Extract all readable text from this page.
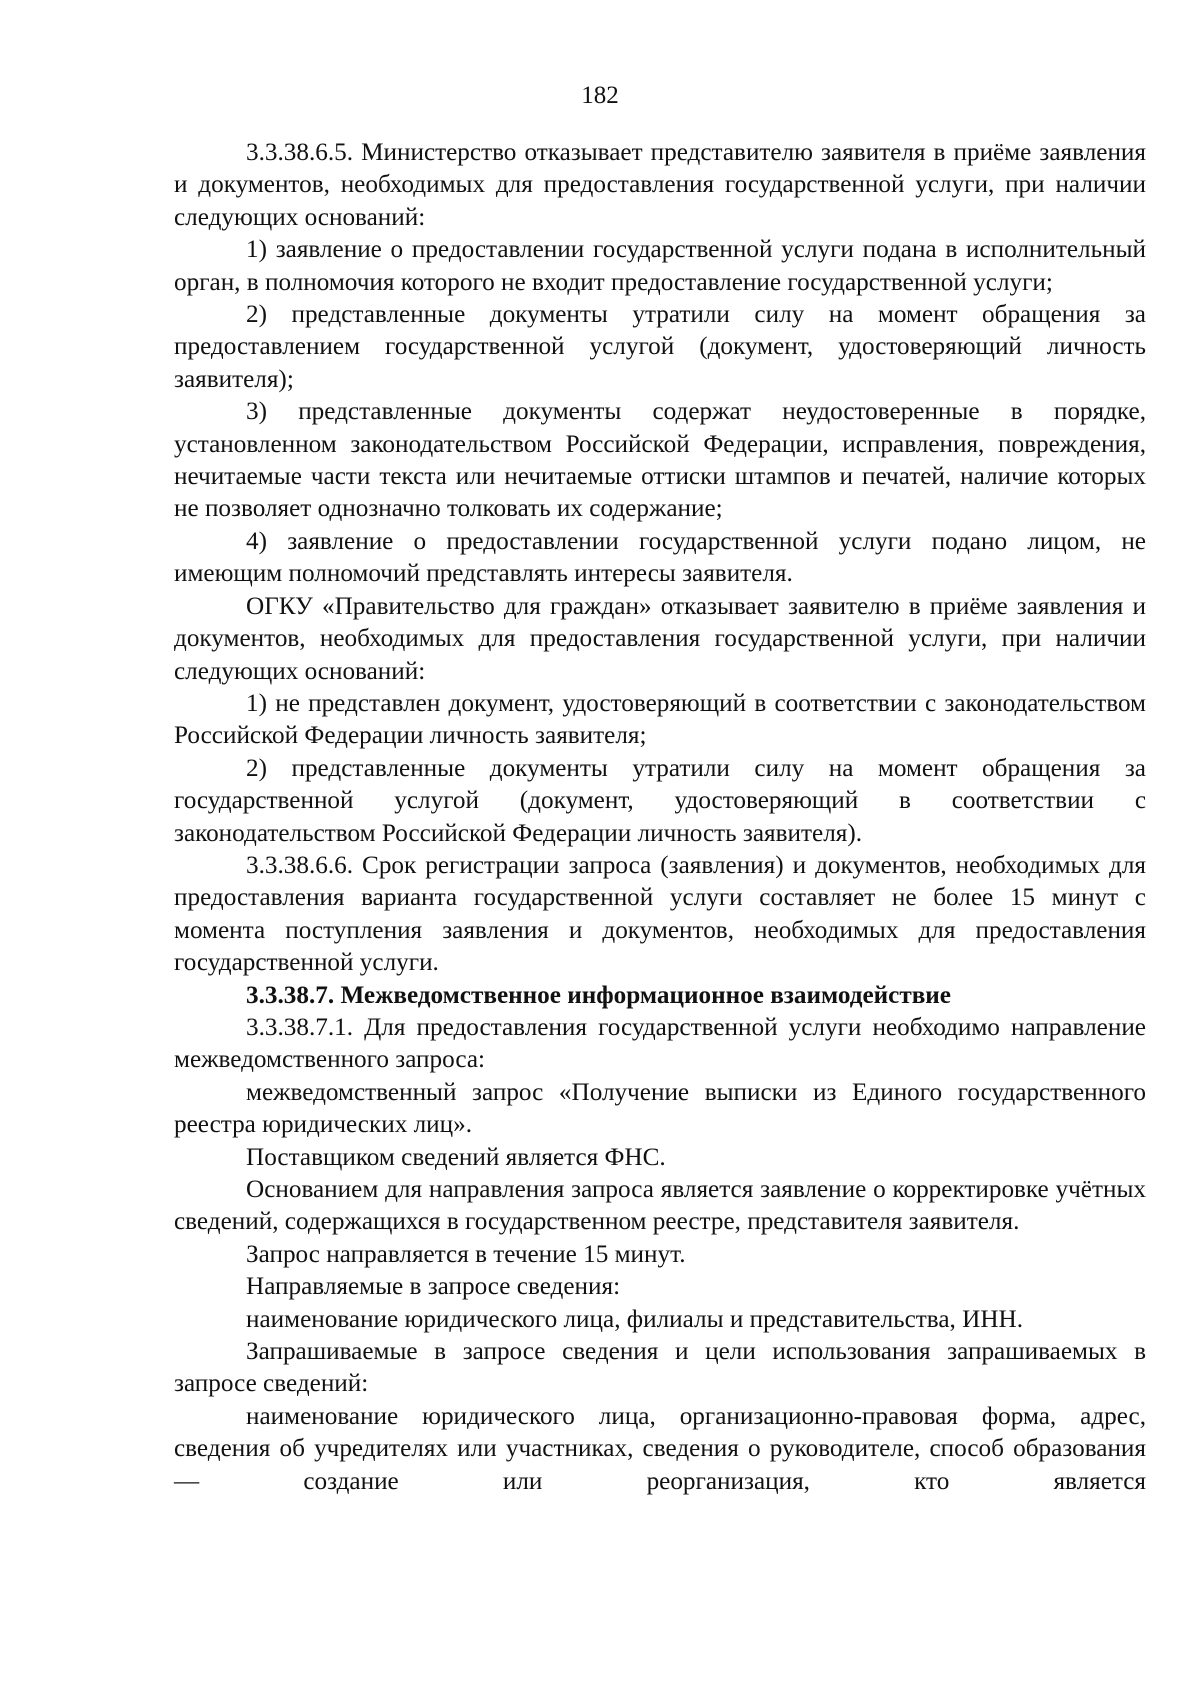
182

3.3.38.6.5. Министерство отказывает представителю заявителя в приёме заявления и документов, необходимых для предоставления государственной услуги, при наличии следующих оснований:

1) заявление о предоставлении государственной услуги подана в исполнительный орган, в полномочия которого не входит предоставление государственной услуги;

2) представленные документы утратили силу на момент обращения за предоставлением государственной услугой (документ, удостоверяющий личность заявителя);

3) представленные документы содержат неудостоверенные в порядке, установленном законодательством Российской Федерации, исправления, повреждения, нечитаемые части текста или нечитаемые оттиски штампов и печатей, наличие которых не позволяет однозначно толковать их содержание;

4) заявление о предоставлении государственной услуги подано лицом, не имеющим полномочий представлять интересы заявителя.

ОГКУ «Правительство для граждан» отказывает заявителю в приёме заявления и документов, необходимых для предоставления государственной услуги, при наличии следующих оснований:

1) не представлен документ, удостоверяющий в соответствии с законодательством Российской Федерации личность заявителя;

2) представленные документы утратили силу на момент обращения за государственной услугой (документ, удостоверяющий в соответствии с законодательством Российской Федерации личность заявителя).

3.3.38.6.6. Срок регистрации запроса (заявления) и документов, необходимых для предоставления варианта государственной услуги составляет не более 15 минут с момента поступления заявления и документов, необходимых для предоставления государственной услуги.

3.3.38.7. Межведомственное информационное взаимодействие

3.3.38.7.1. Для предоставления государственной услуги необходимо направление межведомственного запроса:

межведомственный запрос «Получение выписки из Единого государственного реестра юридических лиц».

Поставщиком сведений является ФНС.

Основанием для направления запроса является заявление о корректировке учётных сведений, содержащихся в государственном реестре, представителя заявителя.

Запрос направляется в течение 15 минут.

Направляемые в запросе сведения:

наименование юридического лица, филиалы и представительства, ИНН.

Запрашиваемые в запросе сведения и цели использования запрашиваемых в запросе сведений:

наименование юридического лица, организационно-правовая форма, адрес, сведения об учредителях или участниках, сведения о руководителе, способ образования — создание или реорганизация, кто является
